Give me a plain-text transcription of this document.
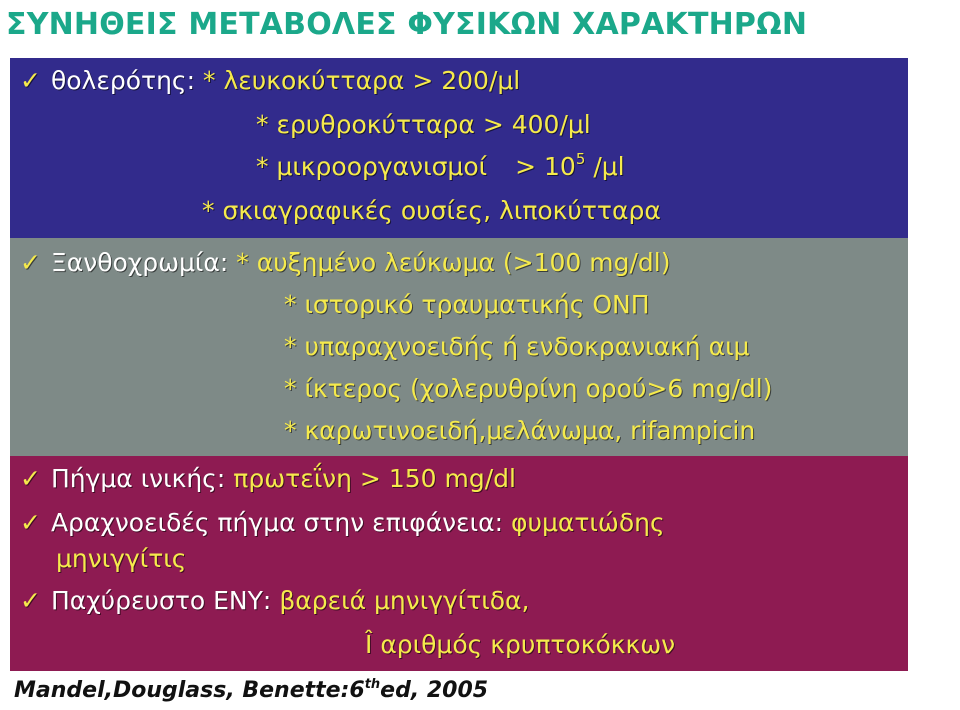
ΣΥΝΗΘΕΙΣ ΜΕΤΑΒΟΛΕΣ ΦΥΣΙΚΩΝ ΧΑΡΑΚΤΗΡΩΝ
✓ θολερότης: * λευκοκύτταρα > 200/μl
* ερυθροκύτταρα > 400/μl
* $\mu\iota\kappa\rho oo\rho\gamma\alpha\nu\iota\sigma\mu oί > 10^5$ /μl
* σκιαγραφικές ουσίες, λιποκύτταρα
✓ Ξανθοχρωμία: * αυξημένο λεύκωμα (>100 mg/dl)
* ιστορικό τραυματικής ΟΝΠ
* υπαραχνοειδής ή ενδοκρανιακή αιμ
* ίκτερος (χολερυθρίνη ορού>6 mg/dl)
* καρωτινοειδή,μελάνωμα, rifampicin
✓ Πήγμα ινικής: πρωτεΐνη > 150 mg/dl
✓ Αραχνοειδές πήγμα στην επιφάνεια: φυματιώδης
μηνιγγίτις
✓ Παχύρευστο ΕΝΥ: βαρειά μηνιγγίτιδα,
Î αριθμός κρυπτοκόκκων

Mandel,Douglass, Benette:6thed, 2005
